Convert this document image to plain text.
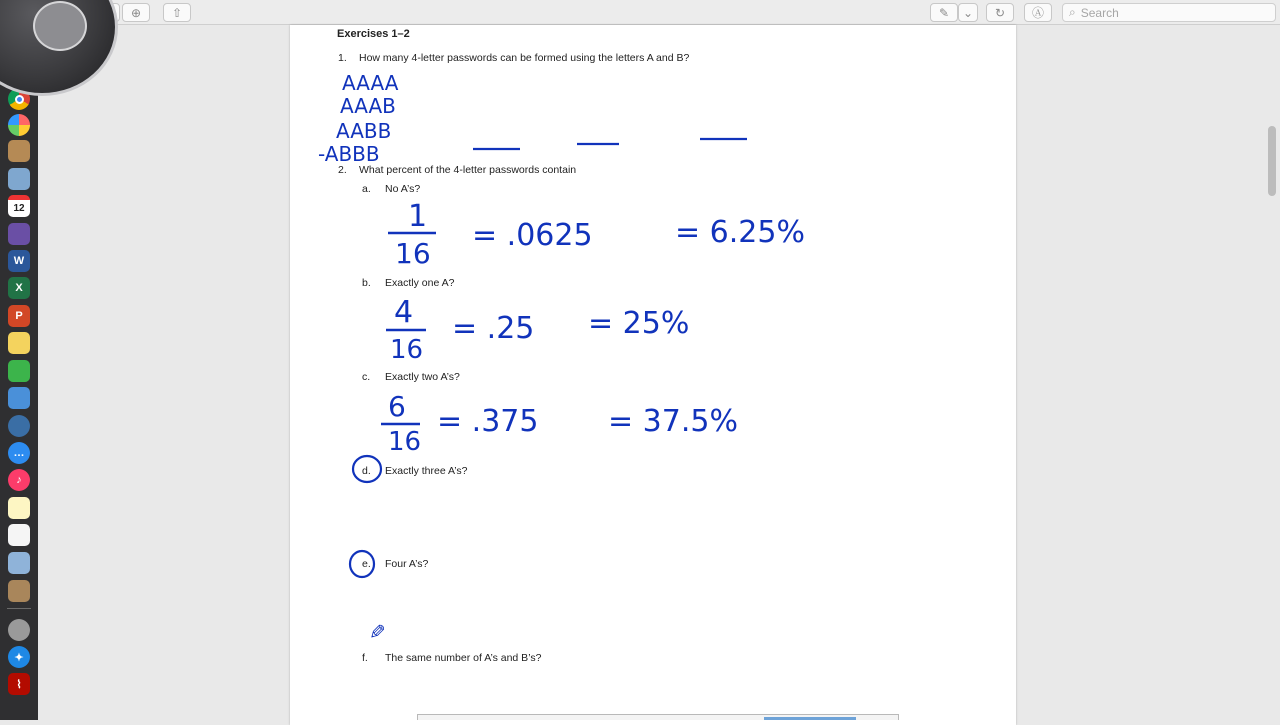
⊕	⇧	✎ ⌄ ↻ Ⓐ ⌕ Search
12
W
X
P
…
♪
✦
⌇
Exercises 1–2
1. How many 4-letter passwords can be formed using the letters A and B?
2. What percent of the 4-letter passwords contain
a. No A’s?
b. Exactly one A?
c. Exactly two A’s?
d. Exactly three A’s?
e. Four A’s?
f. The same number of A’s and B’s?
AAAA
AAAB
AABB
-ABBB
1
16
= .0625	= 6.25%
4
16
= .25 = 25%
6
16
= .375 = 37.5%
✎
